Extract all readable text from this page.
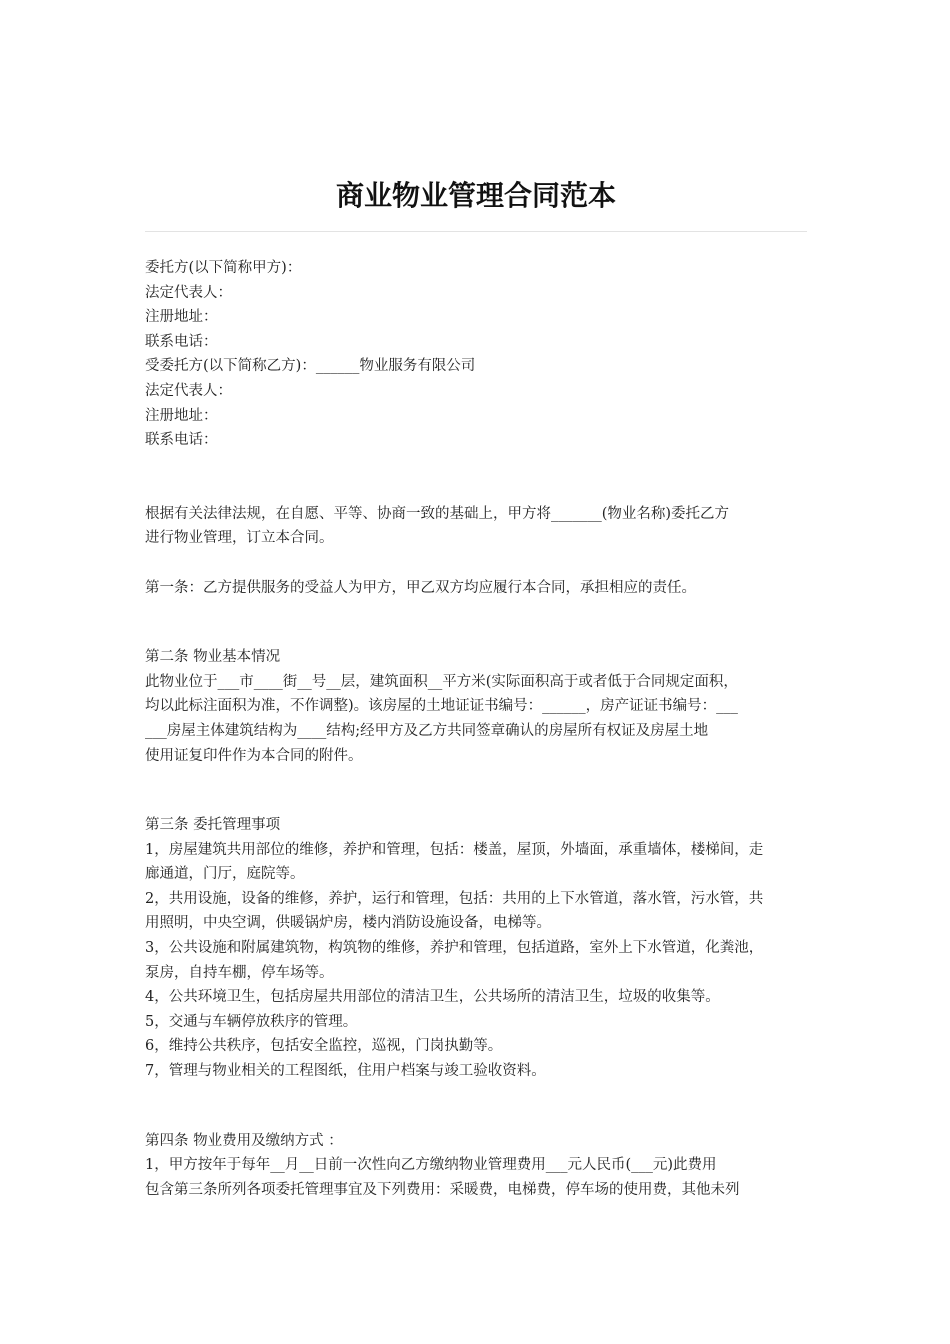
商业物业管理合同范本
委托方(以下简称甲方)：
法定代表人：
注册地址：
联系电话：
受委托方(以下简称乙方)：______物业服务有限公司
法定代表人：
注册地址：
联系电话：
根据有关法律法规，在自愿、平等、协商一致的基础上，甲方将_______(物业名称)委托乙方
进行物业管理，订立本合同。
第一条：乙方提供服务的受益人为甲方，甲乙双方均应履行本合同，承担相应的责任。
第二条 物业基本情况
此物业位于___市____街__号__层，建筑面积__平方米(实际面积高于或者低于合同规定面积，
均以此标注面积为准，不作调整)。该房屋的土地证证书编号：______，房产证证书编号：___
___房屋主体建筑结构为____结构;经甲方及乙方共同签章确认的房屋所有权证及房屋土地
使用证复印件作为本合同的附件。
第三条 委托管理事项
1，房屋建筑共用部位的维修，养护和管理，包括：楼盖，屋顶，外墙面，承重墙体，楼梯间，走
廊通道，门厅，庭院等。
2，共用设施，设备的维修，养护，运行和管理，包括：共用的上下水管道，落水管，污水管，共
用照明，中央空调，供暖锅炉房，楼内消防设施设备，电梯等。
3，公共设施和附属建筑物，构筑物的维修，养护和管理，包括道路，室外上下水管道，化粪池，
泵房，自持车棚，停车场等。
4，公共环境卫生，包括房屋共用部位的清洁卫生，公共场所的清洁卫生，垃圾的收集等。
5，交通与车辆停放秩序的管理。
6，维持公共秩序，包括安全监控，巡视，门岗执勤等。
7，管理与物业相关的工程图纸，住用户档案与竣工验收资料。
第四条 物业费用及缴纳方式 ：
1，甲方按年于每年__月__日前一次性向乙方缴纳物业管理费用___元人民币(___元)此费用
包含第三条所列各项委托管理事宜及下列费用：采暖费，电梯费，停车场的使用费，其他未列
